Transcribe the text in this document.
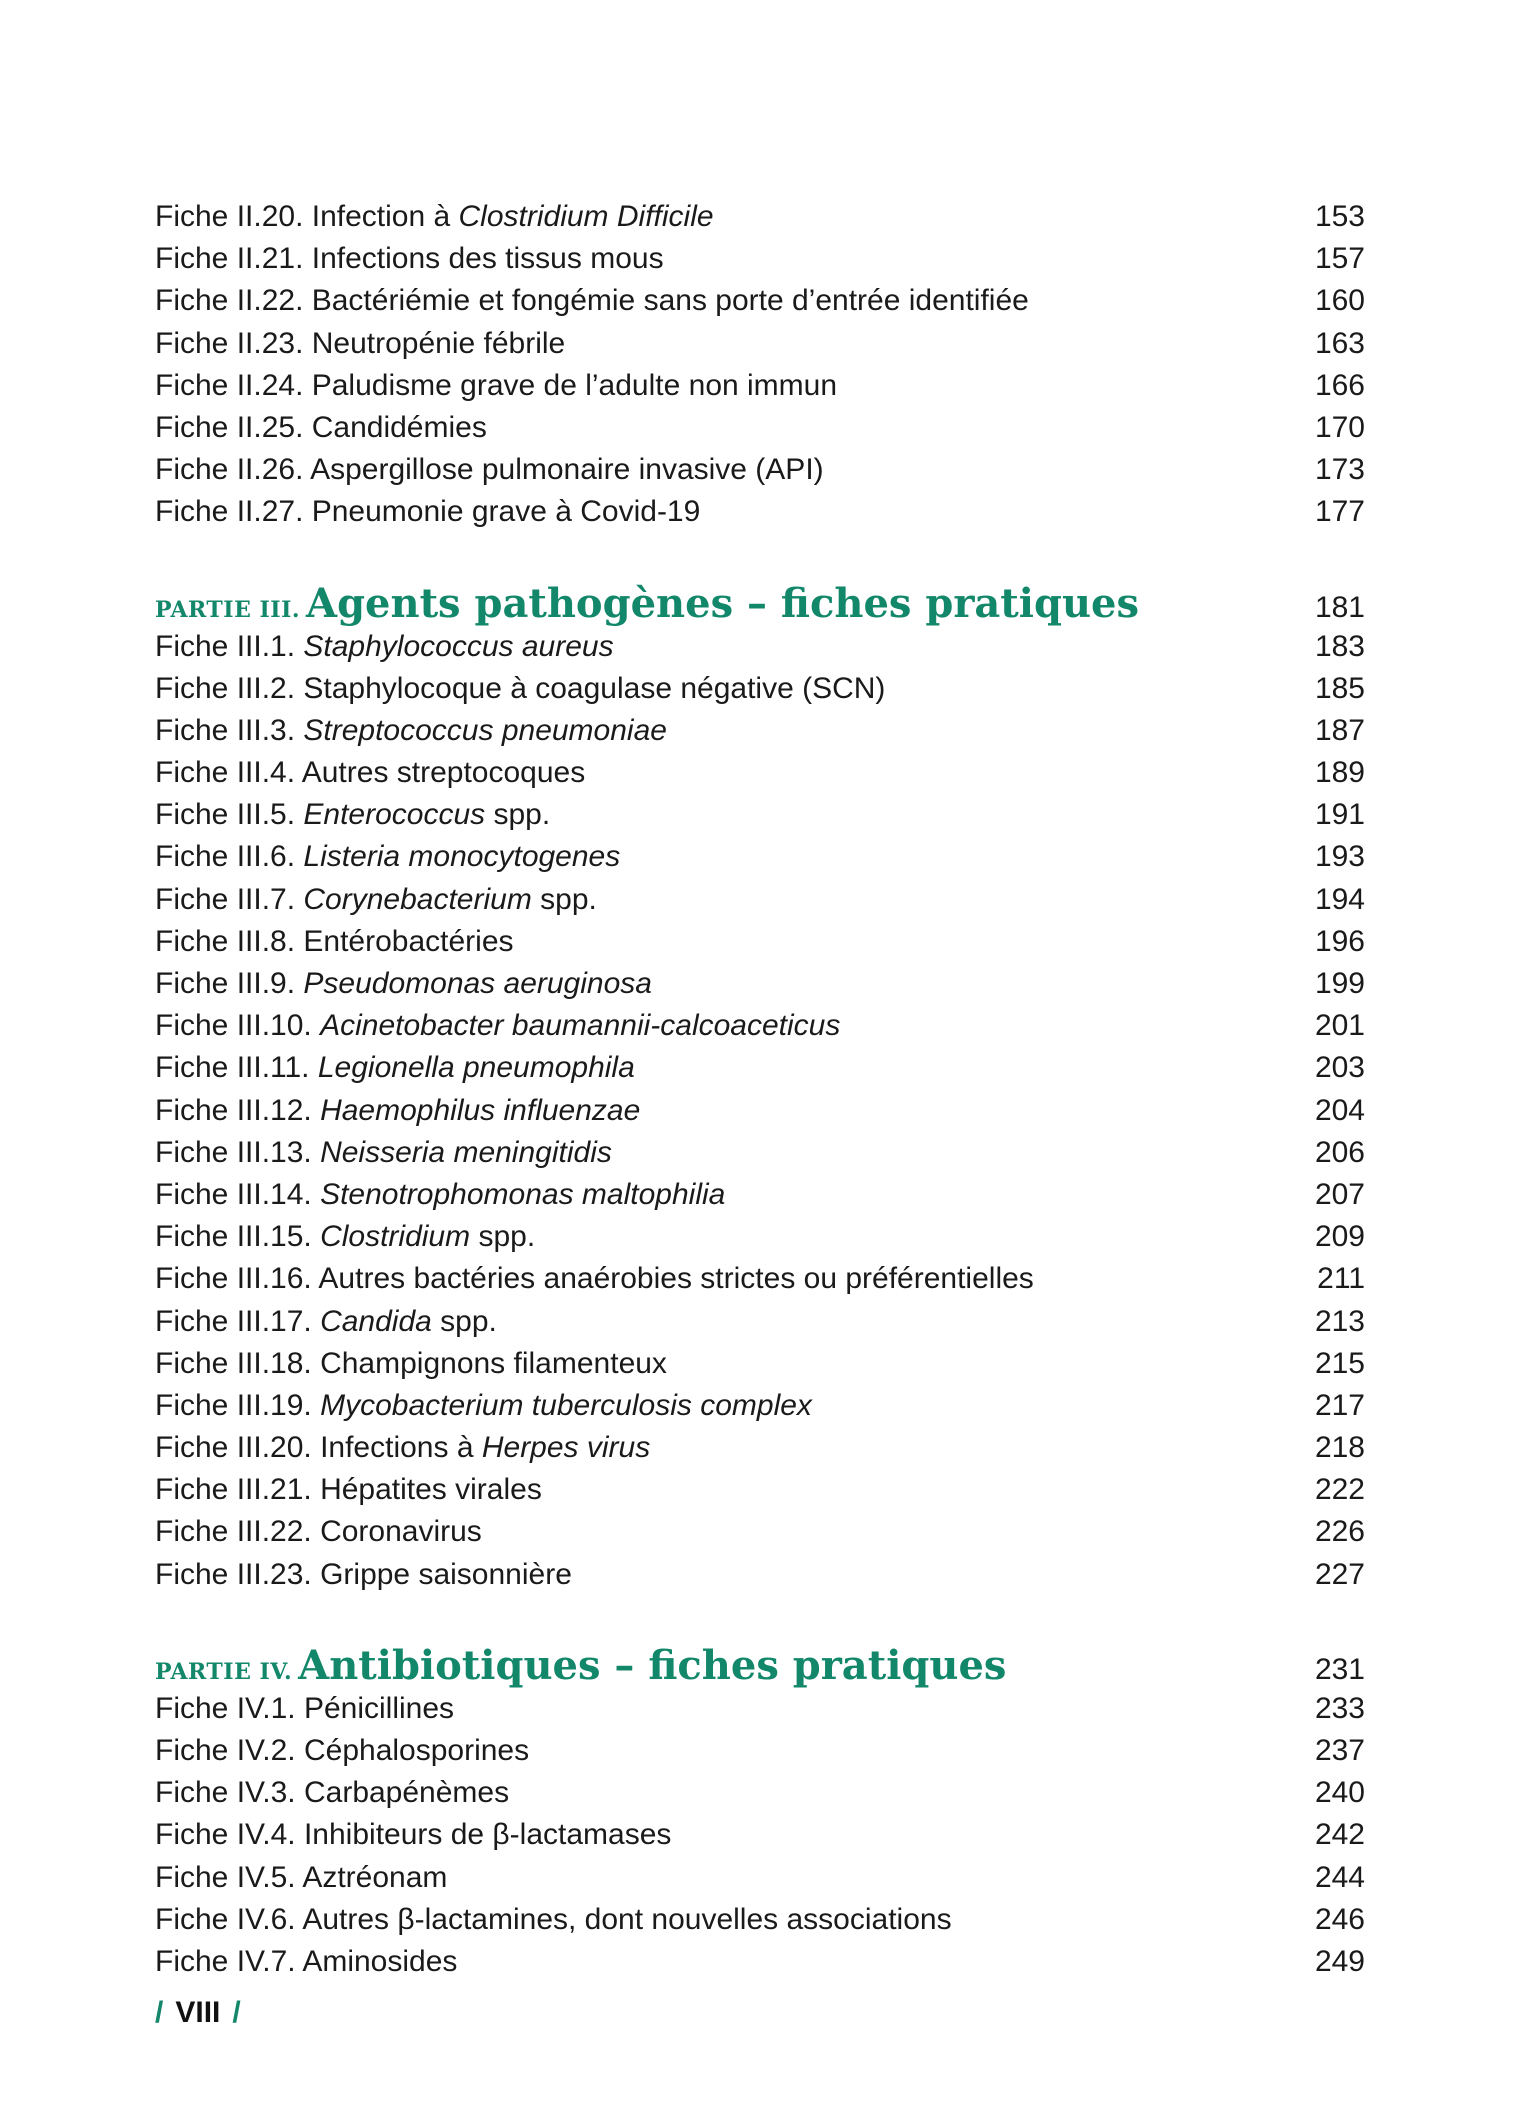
Fiche II.20. Infection à Clostridium Difficile	153
Fiche II.21. Infections des tissus mous	157
Fiche II.22. Bactériémie et fongémie sans porte d’entrée identifiée	160
Fiche II.23. Neutropénie fébrile	163
Fiche II.24. Paludisme grave de l’adulte non immun	166
Fiche II.25. Candidémies	170
Fiche II.26. Aspergillose pulmonaire invasive (API)	173
Fiche II.27. Pneumonie grave à Covid-19	177
PARTIE III. Agents pathogènes – fiches pratiques	181
Fiche III.1. Staphylococcus aureus	183
Fiche III.2. Staphylocoque à coagulase négative (SCN)	185
Fiche III.3. Streptococcus pneumoniae	187
Fiche III.4. Autres streptocoques	189
Fiche III.5. Enterococcus spp.	191
Fiche III.6. Listeria monocytogenes	193
Fiche III.7. Corynebacterium spp.	194
Fiche III.8. Entérobactéries	196
Fiche III.9. Pseudomonas aeruginosa	199
Fiche III.10. Acinetobacter baumannii-calcoaceticus	201
Fiche III.11. Legionella pneumophila	203
Fiche III.12. Haemophilus influenzae	204
Fiche III.13. Neisseria meningitidis	206
Fiche III.14. Stenotrophomonas maltophilia	207
Fiche III.15. Clostridium spp.	209
Fiche III.16. Autres bactéries anaérobies strictes ou préférentielles	211
Fiche III.17. Candida spp.	213
Fiche III.18. Champignons filamenteux	215
Fiche III.19. Mycobacterium tuberculosis complex	217
Fiche III.20. Infections à Herpes virus	218
Fiche III.21. Hépatites virales	222
Fiche III.22. Coronavirus	226
Fiche III.23. Grippe saisonnière	227
PARTIE IV. Antibiotiques – fiches pratiques	231
Fiche IV.1. Pénicillines	233
Fiche IV.2. Céphalosporines	237
Fiche IV.3. Carbapénèmes	240
Fiche IV.4. Inhibiteurs de β-lactamases	242
Fiche IV.5. Aztréonam	244
Fiche IV.6. Autres β-lactamines, dont nouvelles associations	246
Fiche IV.7. Aminosides	249
/ VIII /
